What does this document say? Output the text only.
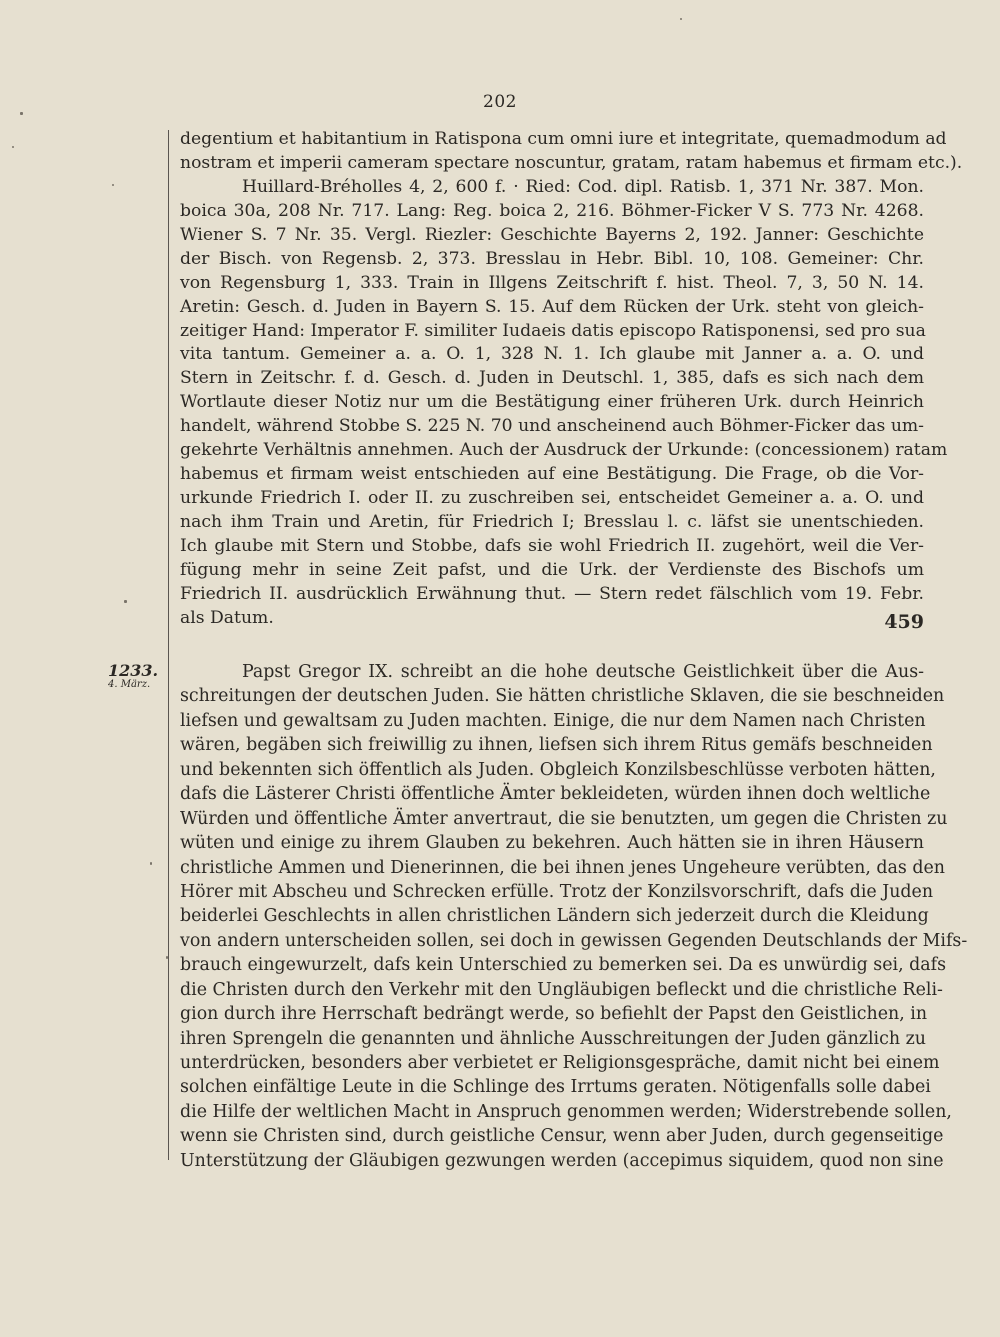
202
degentium et habitantium in Ratispona cum omni iure et integritate, quemadmodum ad
nostram et imperii cameram spectare noscuntur, gratam, ratam habemus et firmam etc.).
Huillard-Bréholles 4, 2, 600 f. · Ried: Cod. dipl. Ratisb. 1, 371 Nr. 387. Mon.
boica 30a, 208 Nr. 717. Lang: Reg. boica 2, 216. Böhmer-Ficker V S. 773 Nr. 4268.
Wiener S. 7 Nr. 35. Vergl. Riezler: Geschichte Bayerns 2, 192. Janner: Geschichte
der Bisch. von Regensb. 2, 373. Bresslau in Hebr. Bibl. 10, 108. Gemeiner: Chr.
von Regensburg 1, 333. Train in Illgens Zeitschrift f. hist. Theol. 7, 3, 50 N. 14.
Aretin: Gesch. d. Juden in Bayern S. 15. Auf dem Rücken der Urk. steht von gleich-
zeitiger Hand: Imperator F. similiter Iudaeis datis episcopo Ratisponensi, sed pro sua
vita tantum. Gemeiner a. a. O. 1, 328 N. 1. Ich glaube mit Janner a. a. O. und
Stern in Zeitschr. f. d. Gesch. d. Juden in Deutschl. 1, 385, dafs es sich nach dem
Wortlaute dieser Notiz nur um die Bestätigung einer früheren Urk. durch Heinrich
handelt, während Stobbe S. 225 N. 70 und anscheinend auch Böhmer-Ficker das um-
gekehrte Verhältnis annehmen. Auch der Ausdruck der Urkunde: (concessionem) ratam
habemus et firmam weist entschieden auf eine Bestätigung. Die Frage, ob die Vor-
urkunde Friedrich I. oder II. zu zuschreiben sei, entscheidet Gemeiner a. a. O. und
nach ihm Train und Aretin, für Friedrich I; Bresslau l. c. läfst sie unentschieden.
Ich glaube mit Stern und Stobbe, dafs sie wohl Friedrich II. zugehört, weil die Ver-
fügung mehr in seine Zeit pafst, und die Urk. der Verdienste des Bischofs um
Friedrich II. ausdrücklich Erwähnung thut. — Stern redet fälschlich vom 19. Febr.
als Datum.	459
1233.
4. März.
Papst Gregor IX. schreibt an die hohe deutsche Geistlichkeit über die Aus-
schreitungen der deutschen Juden. Sie hätten christliche Sklaven, die sie beschneiden
liefsen und gewaltsam zu Juden machten. Einige, die nur dem Namen nach Christen
wären, begäben sich freiwillig zu ihnen, liefsen sich ihrem Ritus gemäfs beschneiden
und bekennten sich öffentlich als Juden. Obgleich Konzilsbeschlüsse verboten hätten,
dafs die Lästerer Christi öffentliche Ämter bekleideten, würden ihnen doch weltliche
Würden und öffentliche Ämter anvertraut, die sie benutzten, um gegen die Christen zu
wüten und einige zu ihrem Glauben zu bekehren. Auch hätten sie in ihren Häusern
christliche Ammen und Dienerinnen, die bei ihnen jenes Ungeheure verübten, das den
Hörer mit Abscheu und Schrecken erfülle. Trotz der Konzilsvorschrift, dafs die Juden
beiderlei Geschlechts in allen christlichen Ländern sich jederzeit durch die Kleidung
von andern unterscheiden sollen, sei doch in gewissen Gegenden Deutschlands der Mifs-
brauch eingewurzelt, dafs kein Unterschied zu bemerken sei. Da es unwürdig sei, dafs
die Christen durch den Verkehr mit den Ungläubigen befleckt und die christliche Reli-
gion durch ihre Herrschaft bedrängt werde, so befiehlt der Papst den Geistlichen, in
ihren Sprengeln die genannten und ähnliche Ausschreitungen der Juden gänzlich zu
unterdrücken, besonders aber verbietet er Religionsgespräche, damit nicht bei einem
solchen einfältige Leute in die Schlinge des Irrtums geraten. Nötigenfalls solle dabei
die Hilfe der weltlichen Macht in Anspruch genommen werden; Widerstrebende sollen,
wenn sie Christen sind, durch geistliche Censur, wenn aber Juden, durch gegenseitige
Unterstützung der Gläubigen gezwungen werden (accepimus siquidem, quod non sine
